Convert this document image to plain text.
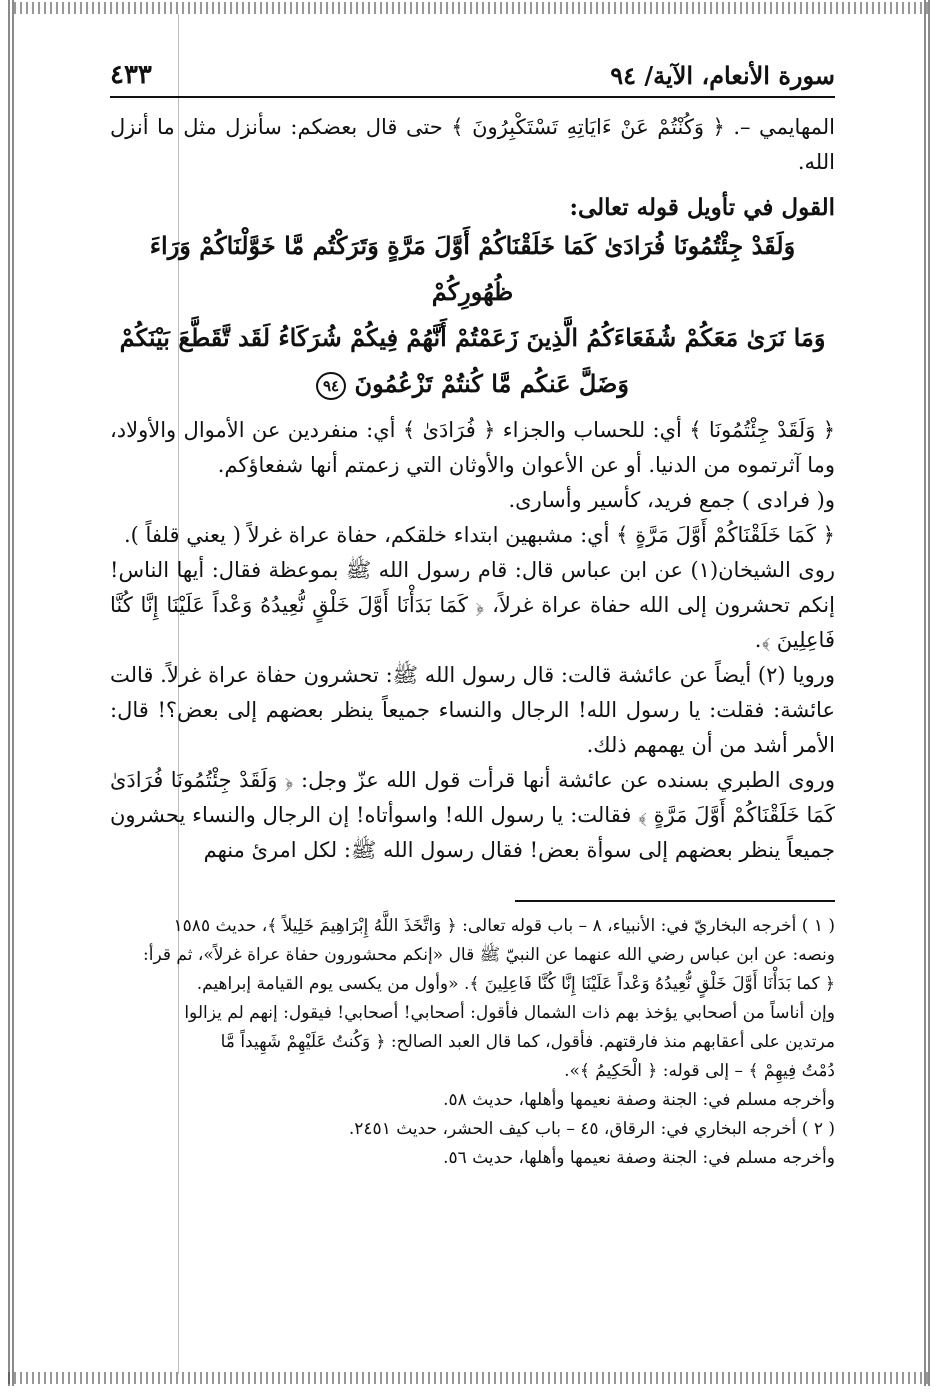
سورة الأنعام، الآية/ ٩٤
٤٣٣

المهايمي –. ﴿ وَكُنْتُمْ عَنْ ءَايَاتِهِ تَسْتَكْبِرُونَ ﴾ حتى قال بعضكم: سأنزل مثل ما أنزل الله.

القول في تأويل قوله تعالى:
وَلَقَدْ جِئْتُمُونَا فُرَادَىٰ كَمَا خَلَقْنَاكُمْ أَوَّلَ مَرَّةٍ وَتَرَكْتُم مَّا خَوَّلْنَاكُمْ وَرَاءَ ظُهُورِكُمْ
وَمَا نَرَىٰ مَعَكُمْ شُفَعَاءَكُمُ الَّذِينَ زَعَمْتُمْ أَنَّهُمْ فِيكُمْ شُرَكَاءُ لَقَد تَّقَطَّعَ بَيْنَكُمْ
وَضَلَّ عَنكُم مَّا كُنتُمْ تَزْعُمُونَ ٩٤

﴿ وَلَقَدْ جِئْتُمُونَا ﴾ أي: للحساب والجزاء ﴿ فُرَادَىٰ ﴾ أي: منفردين عن الأموال والأولاد، وما آثرتموه من الدنيا. أو عن الأعوان والأوثان التي زعمتم أنها شفعاؤكم.

و( فرادى ) جمع فريد، كأسير وأسارى.

﴿ كَمَا خَلَقْنَاكُمْ أَوَّلَ مَرَّةٍ ﴾ أي: مشبهين ابتداء خلقكم، حفاة عراة غرلاً ( يعني قلفاً ).

روى الشيخان(١) عن ابن عباس قال: قام رسول الله ﷺ بموعظة فقال: أيها الناس! إنكم تحشرون إلى الله حفاة عراة غرلاً، ﴿ كَمَا بَدَأْنَا أَوَّلَ خَلْقٍ نُّعِيدُهُ وَعْداً عَلَيْنَا إِنَّا كُنَّا فَاعِلِينَ ﴾.

ورويا (٢) أيضاً عن عائشة قالت: قال رسول الله ﷺ: تحشرون حفاة عراة غرلاً. قالت عائشة: فقلت: يا رسول الله! الرجال والنساء جميعاً ينظر بعضهم إلى بعض؟! قال: الأمر أشد من أن يهمهم ذلك.

وروى الطبري بسنده عن عائشة أنها قرأت قول الله عزّ وجل: ﴿ وَلَقَدْ جِئْتُمُونَا فُرَادَىٰ كَمَا خَلَقْنَاكُمْ أَوَّلَ مَرَّةٍ ﴾ فقالت: يا رسول الله! واسوأتاه! إن الرجال والنساء يحشرون جميعاً ينظر بعضهم إلى سوأة بعض! فقال رسول الله ﷺ: لكل امرئ منهم

( ١ ) أخرجه البخاريّ في: الأنبياء، ٨ – باب قوله تعالى: ﴿ وَاتَّخَذَ اللَّهُ إِبْرَاهِيمَ خَلِيلاً ﴾، حديث ١٥٨٥

ونصه: عن ابن عباس رضي الله عنهما عن النبيّ ﷺ قال «إنكم محشورون حفاة عراة غرلاً»، ثم قرأ:

﴿ كما بَدَأْنَا أَوَّلَ خَلْقٍ نُّعِيدُهُ وَعْداً عَلَيْنَا إِنَّا كُنَّا فَاعِلِينَ ﴾. «وأول من يكسى يوم القيامة إبراهيم.

وإن أناساً من أصحابي يؤخذ بهم ذات الشمال فأقول: أصحابي! أصحابي! فيقول: إنهم لم يزالوا

مرتدين على أعقابهم منذ فارقتهم. فأقول، كما قال العبد الصالح: ﴿ وَكُنتُ عَلَيْهِمْ شَهِيداً مَّا

دُمْتُ فِيهِمْ ﴾ – إلى قوله: ﴿ الْحَكِيمُ ﴾».

وأخرجه مسلم في: الجنة وصفة نعيمها وأهلها، حديث ٥٨.

( ٢ ) أخرجه البخاري في: الرقاق، ٤٥ – باب كيف الحشر، حديث ٢٤٥١.

وأخرجه مسلم في: الجنة وصفة نعيمها وأهلها، حديث ٥٦.
